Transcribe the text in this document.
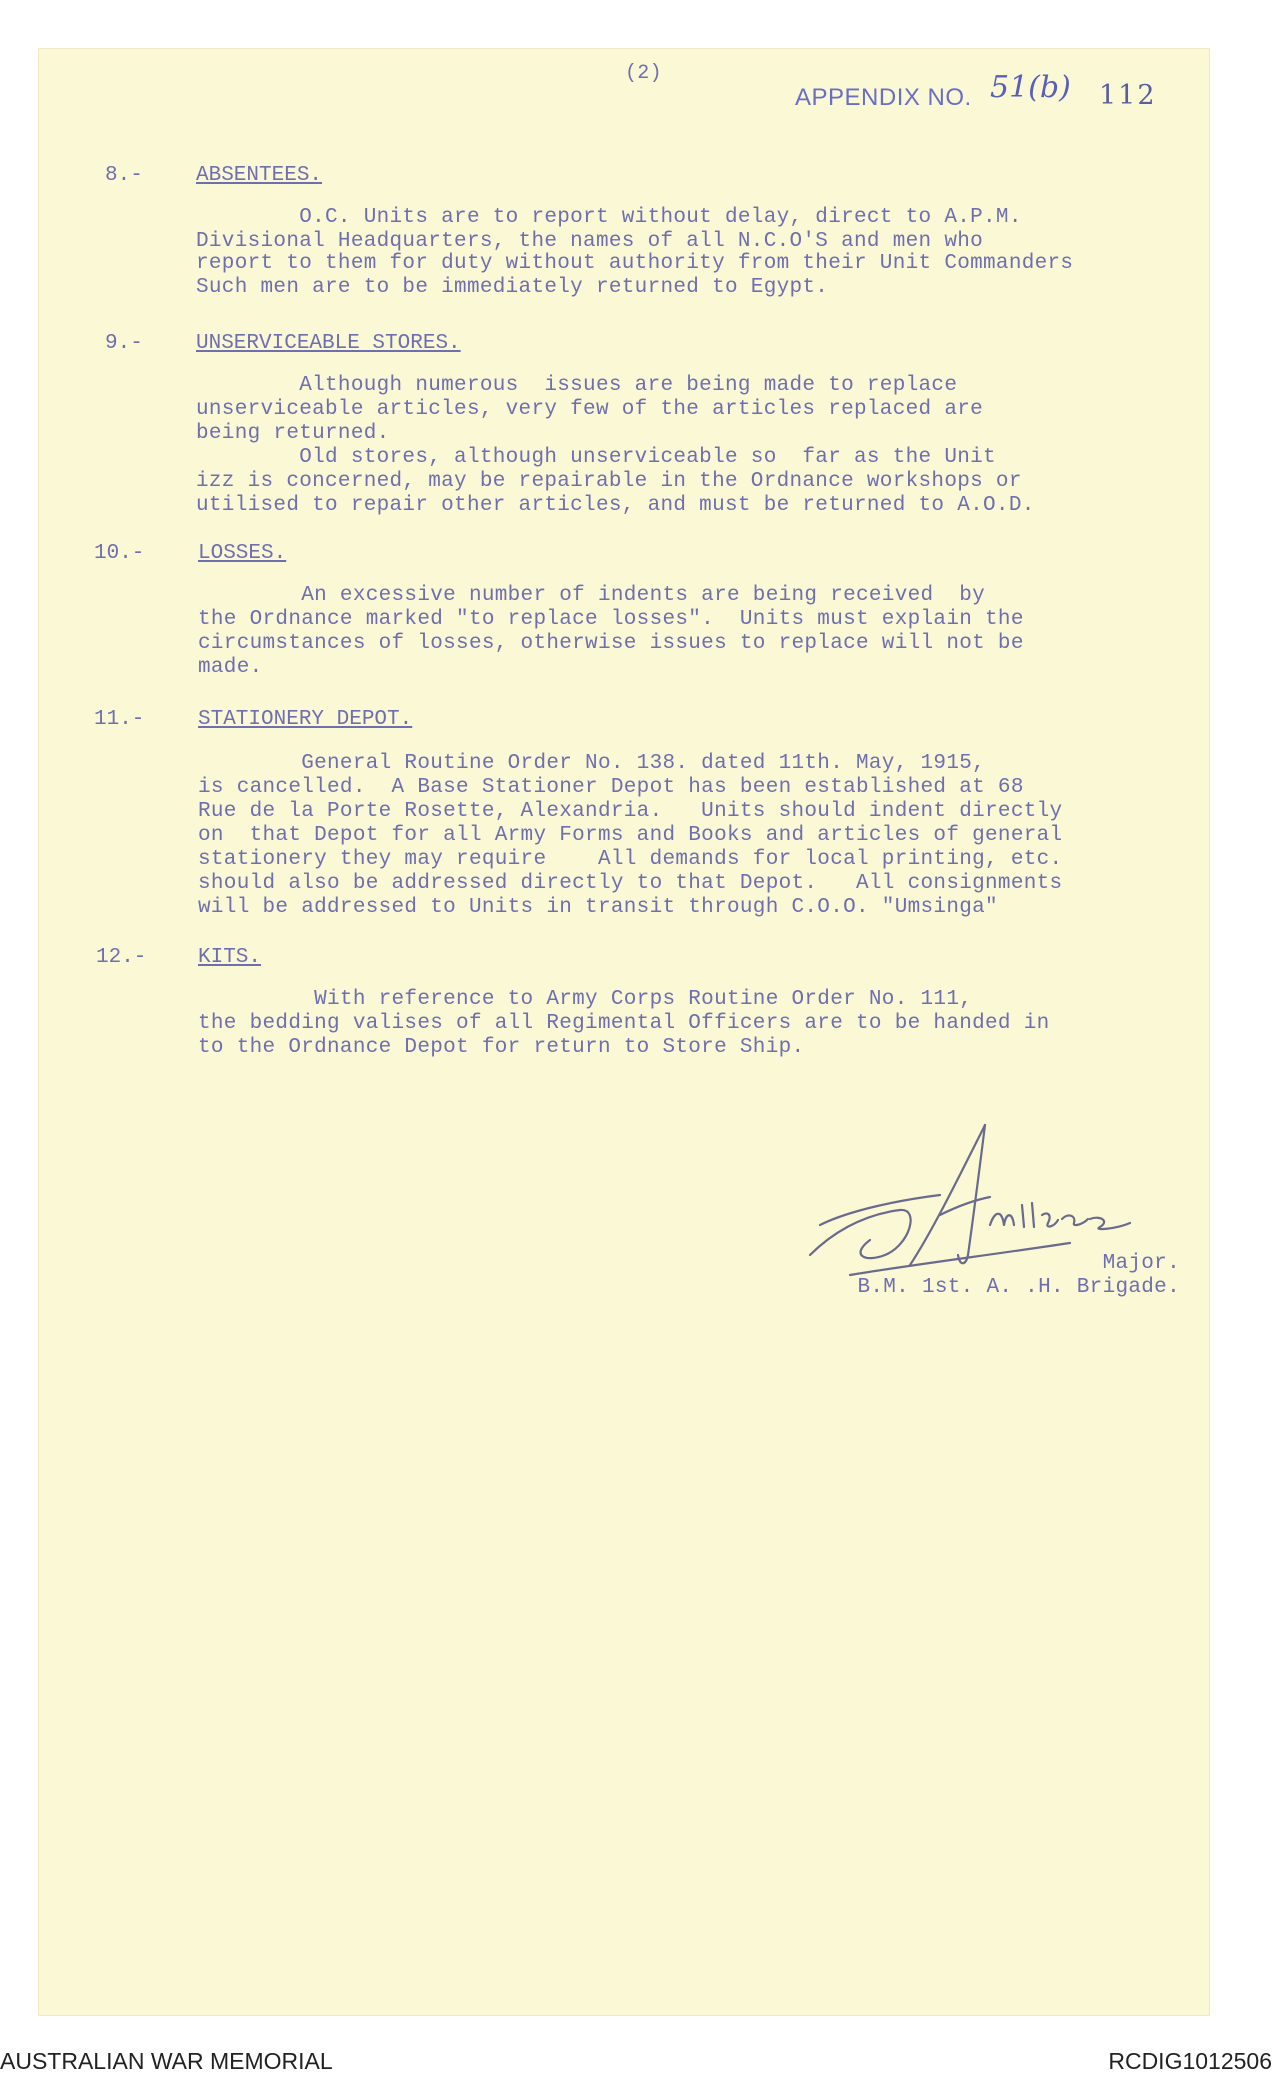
(2)
APPENDIX NO. 51(b) 112
8.-	ABSENTEES.
O.C. Units are to report without delay, direct to A.P.M.
Divisional Headquarters, the names of all N.C.O'S and men who
report to them for duty without authority from their Unit Commanders
Such men are to be immediately returned to Egypt.
9.-	UNSERVICEABLE STORES.
Although numerous  issues are being made to replace
unserviceable articles, very few of the articles replaced are
being returned.
Old stores, although unserviceable so  far as the Unit
izz is concerned, may be repairable in the Ordnance workshops or
utilised to repair other articles, and must be returned to A.O.D.
10.-	LOSSES.
An excessive number of indents are being received  by
the Ordnance marked "to replace losses".  Units must explain the
circumstances of losses, otherwise issues to replace will not be
made.
11.-	STATIONERY DEPOT.
General Routine Order No. 138. dated 11th. May, 1915,
is cancelled.  A Base Stationer Depot has been established at 68
Rue de la Porte Rosette, Alexandria.   Units should indent directly
on  that Depot for all Army Forms and Books and articles of general
stationery they may require    All demands for local printing, etc.
should also be addressed directly to that Depot.   All consignments
will be addressed to Units in transit through C.O.O. "Umsinga"
12.- KITS.
With reference to Army Corps Routine Order No. 111,
the bedding valises of all Regimental Officers are to be handed in
to the Ordnance Depot for return to Store Ship.
A. Williams
Major.
B.M. 1st. A. .H. Brigade.
AUSTRALIAN WAR MEMORIAL	RCDIG1012506
